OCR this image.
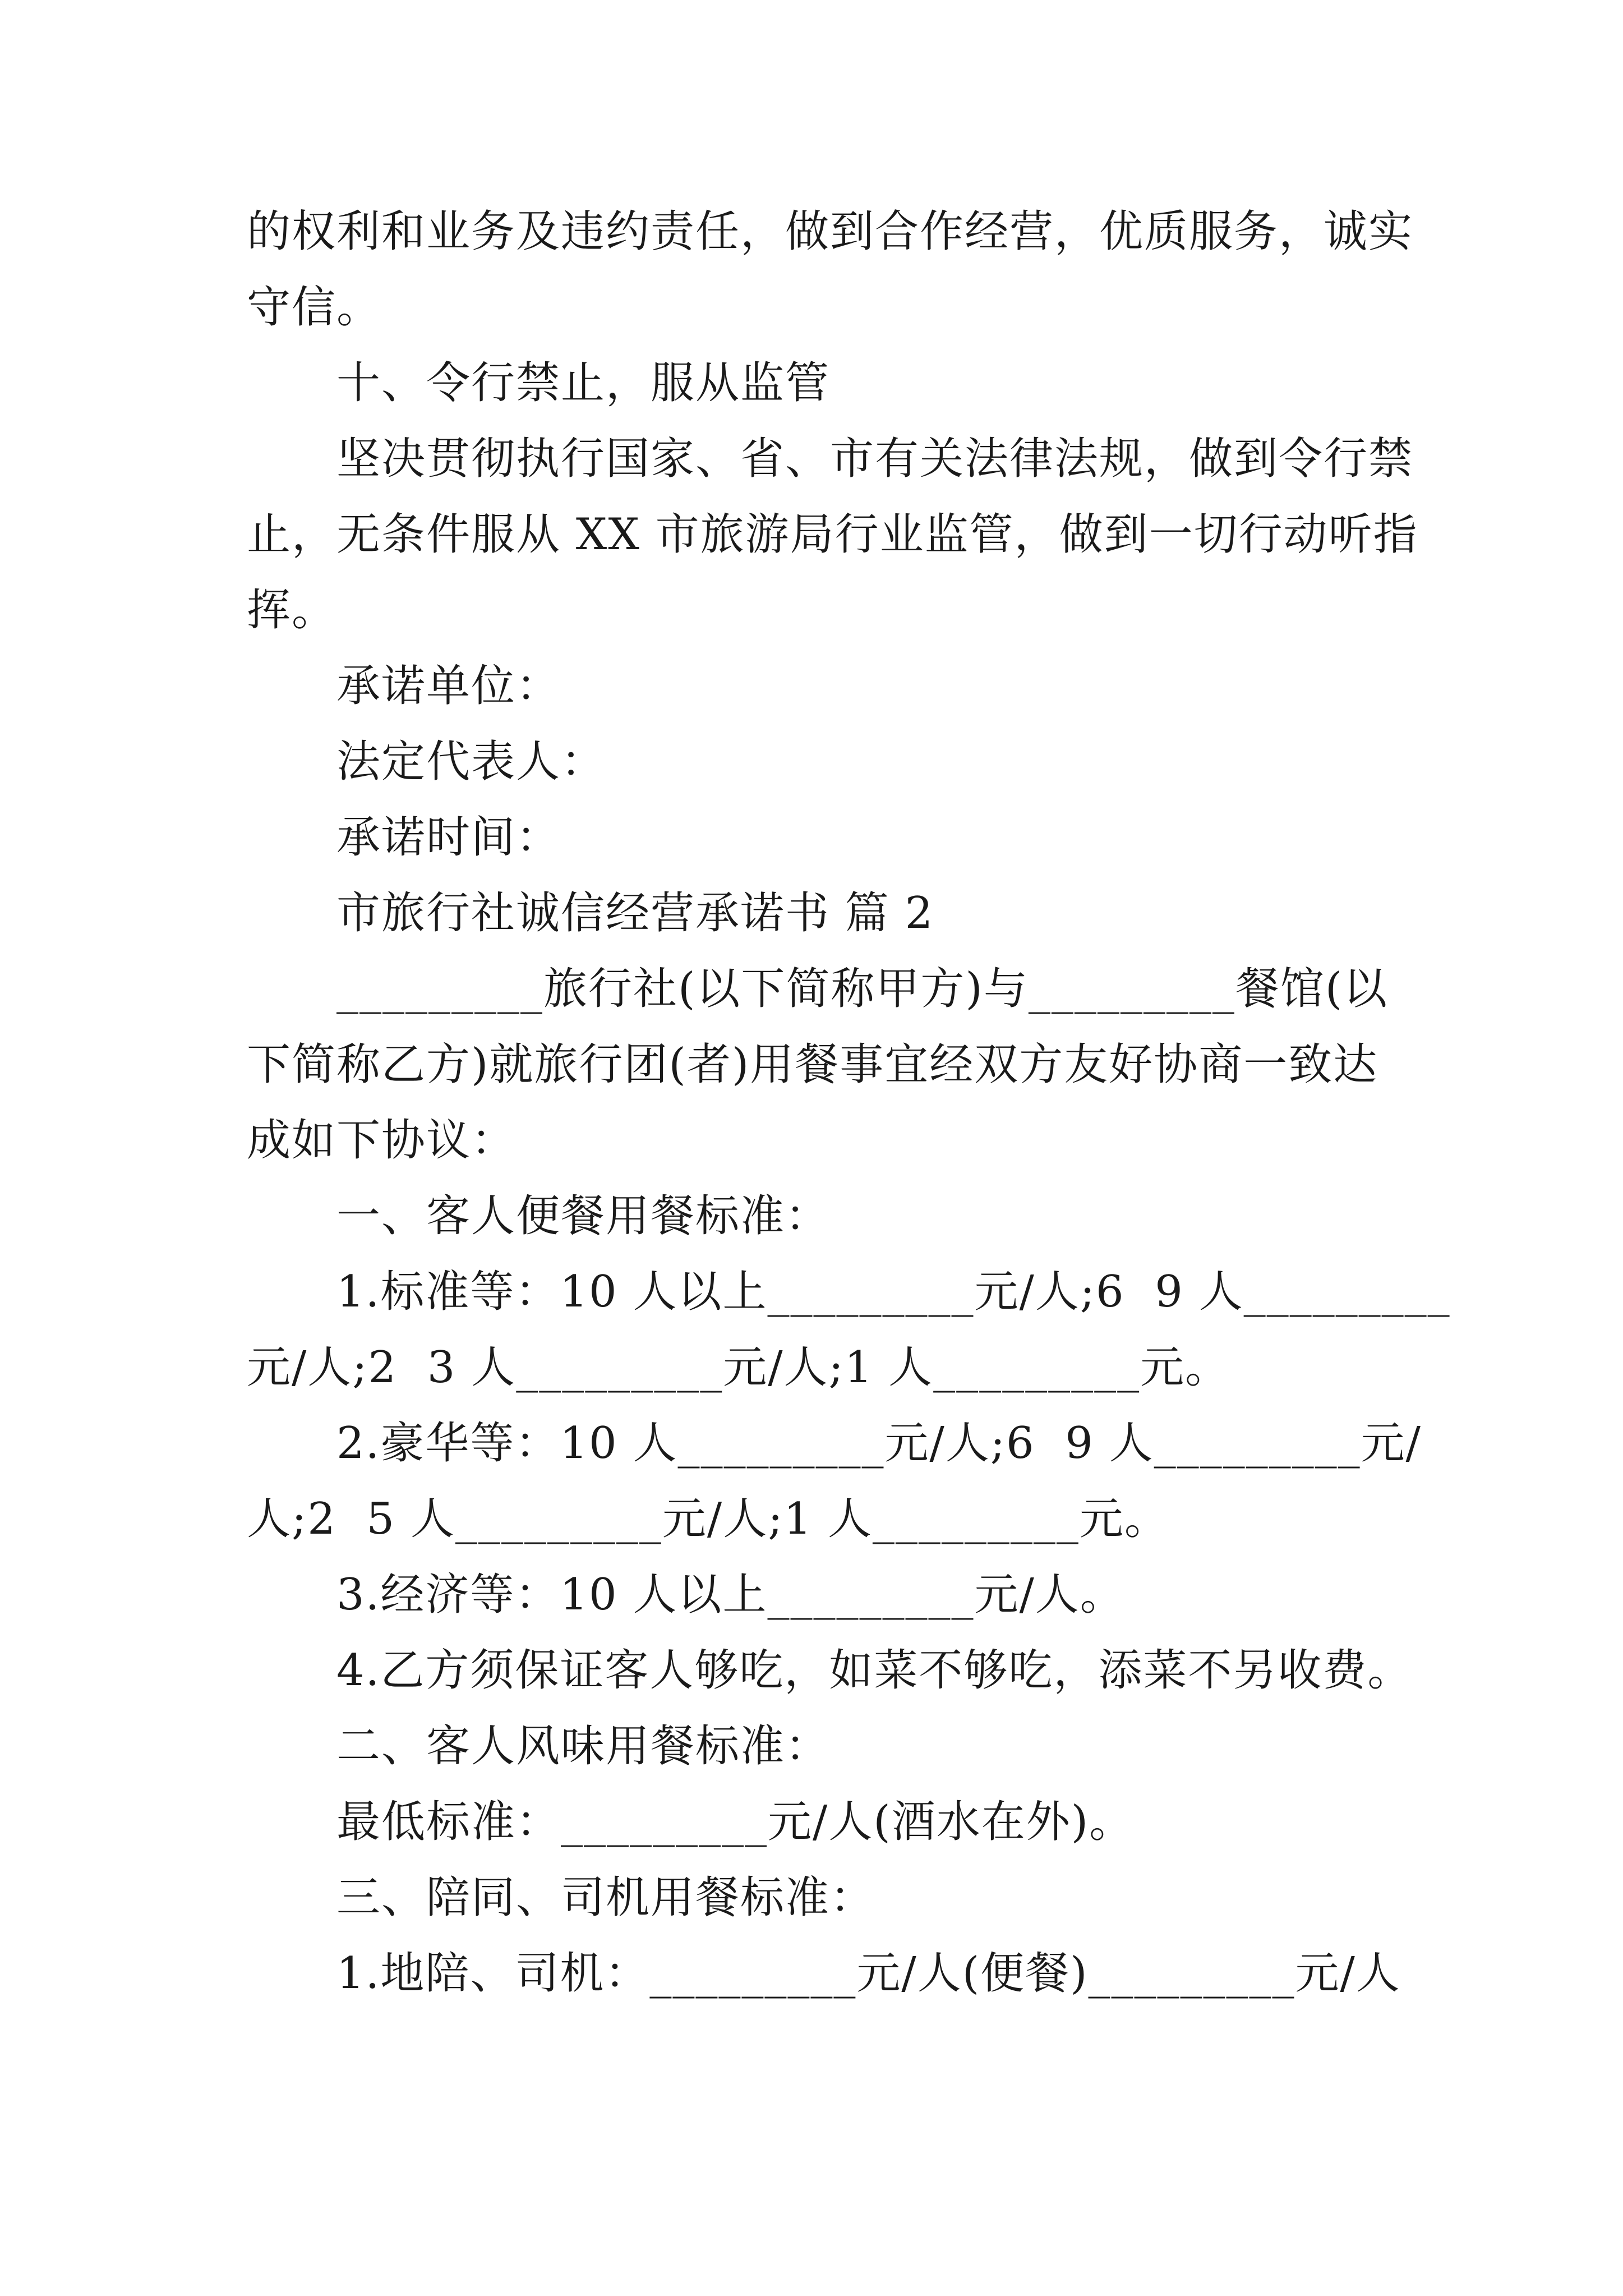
的权利和业务及违约责任，做到合作经营，优质服务，诚实
守信。
十、令行禁止，服从监管
坚决贯彻执行国家、省、市有关法律法规，做到令行禁
止，无条件服从 XX 市旅游局行业监管，做到一切行动听指
挥。
承诺单位：
法定代表人：
承诺时间：
市旅行社诚信经营承诺书 篇 2
_________旅行社(以下简称甲方)与_________餐馆(以
下简称乙方)就旅行团(者)用餐事宜经双方友好协商一致达
成如下协议：
一、客人便餐用餐标准：
1.标准等：10 人以上_________元/人;6  9 人_________
元/人;2  3 人_________元/人;1 人_________元。
2.豪华等：10 人_________元/人;6  9 人_________元/
人;2  5 人_________元/人;1 人_________元。
3.经济等：10 人以上_________元/人。
4.乙方须保证客人够吃，如菜不够吃，添菜不另收费。
二、客人风味用餐标准：
最低标准：_________元/人(酒水在外)。
三、陪同、司机用餐标准：
1.地陪、司机：_________元/人(便餐)_________元/人
